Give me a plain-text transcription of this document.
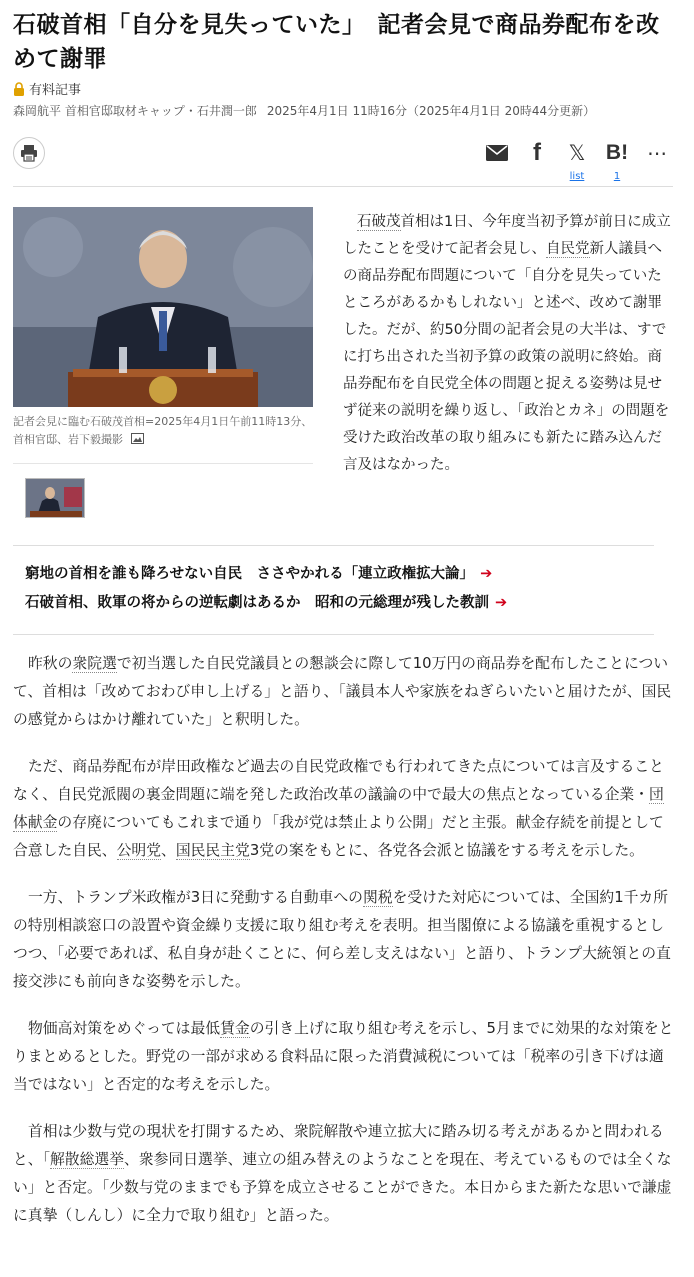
石破首相「自分を見失っていた」　記者会見で商品券配布を改めて謝罪
有料記事
森岡航平 首相官邸取材キャップ・石井潤一郎 2025年4月1日 11時16分（2025年4月1日 20時44分更新）
f 𝕏
list
B!
1
⋯
記者会見に臨む石破茂首相=2025年4月1日午前11時13分、首相官邸、岩下毅撮影
石破茂首相は1日、今年度当初予算が前日に成立したことを受けて記者会見し、自民党新人議員への商品券配布問題について「自分を見失っていたところがあるかもしれない」と述べ、改めて謝罪した。だが、約50分間の記者会見の大半は、すでに打ち出された当初予算の政策の説明に終始。商品券配布を自民党全体の問題と捉える姿勢は見せず従来の説明を繰り返し、「政治とカネ」の問題を受けた政治改革の取り組みにも新たに踏み込んだ言及はなかった。
窮地の首相を誰も降ろせない自民　ささやかれる「連立政権拡大論」 ➔
石破首相、敗軍の将からの逆転劇はあるか　昭和の元総理が残した教訓 ➔

昨秋の衆院選で初当選した自民党議員との懇談会に際して10万円の商品券を配布したことについて、首相は「改めておわび申し上げる」と語り、「議員本人や家族をねぎらいたいと届けたが、国民の感覚からはかけ離れていた」と釈明した。

ただ、商品券配布が岸田政権など過去の自民党政権でも行われてきた点については言及することなく、自民党派閥の裏金問題に端を発した政治改革の議論の中で最大の焦点となっている企業・団体献金の存廃についてもこれまで通り「我が党は禁止より公開」だと主張。献金存続を前提として合意した自民、公明党、国民民主党3党の案をもとに、各党各会派と協議をする考えを示した。

一方、トランプ米政権が3日に発動する自動車への関税を受けた対応については、全国約1千カ所の特別相談窓口の設置や資金繰り支援に取り組む考えを表明。担当閣僚による協議を重視するとしつつ、「必要であれば、私自身が赴くことに、何ら差し支えはない」と語り、トランプ大統領との直接交渉にも前向きな姿勢を示した。

物価高対策をめぐっては最低賃金の引き上げに取り組む考えを示し、5月までに効果的な対策をとりまとめるとした。野党の一部が求める食料品に限った消費減税については「税率の引き下げは適当ではない」と否定的な考えを示した。

首相は少数与党の現状を打開するため、衆院解散や連立拡大に踏み切る考えがあるかと問われると、「解散総選挙、衆参同日選挙、連立の組み替えのようなことを現在、考えているものでは全くない」と否定。「少数与党のままでも予算を成立させることができた。本日からまた新たな思いで謙虚に真摯（しんし）に全力で取り組む」と語った。
